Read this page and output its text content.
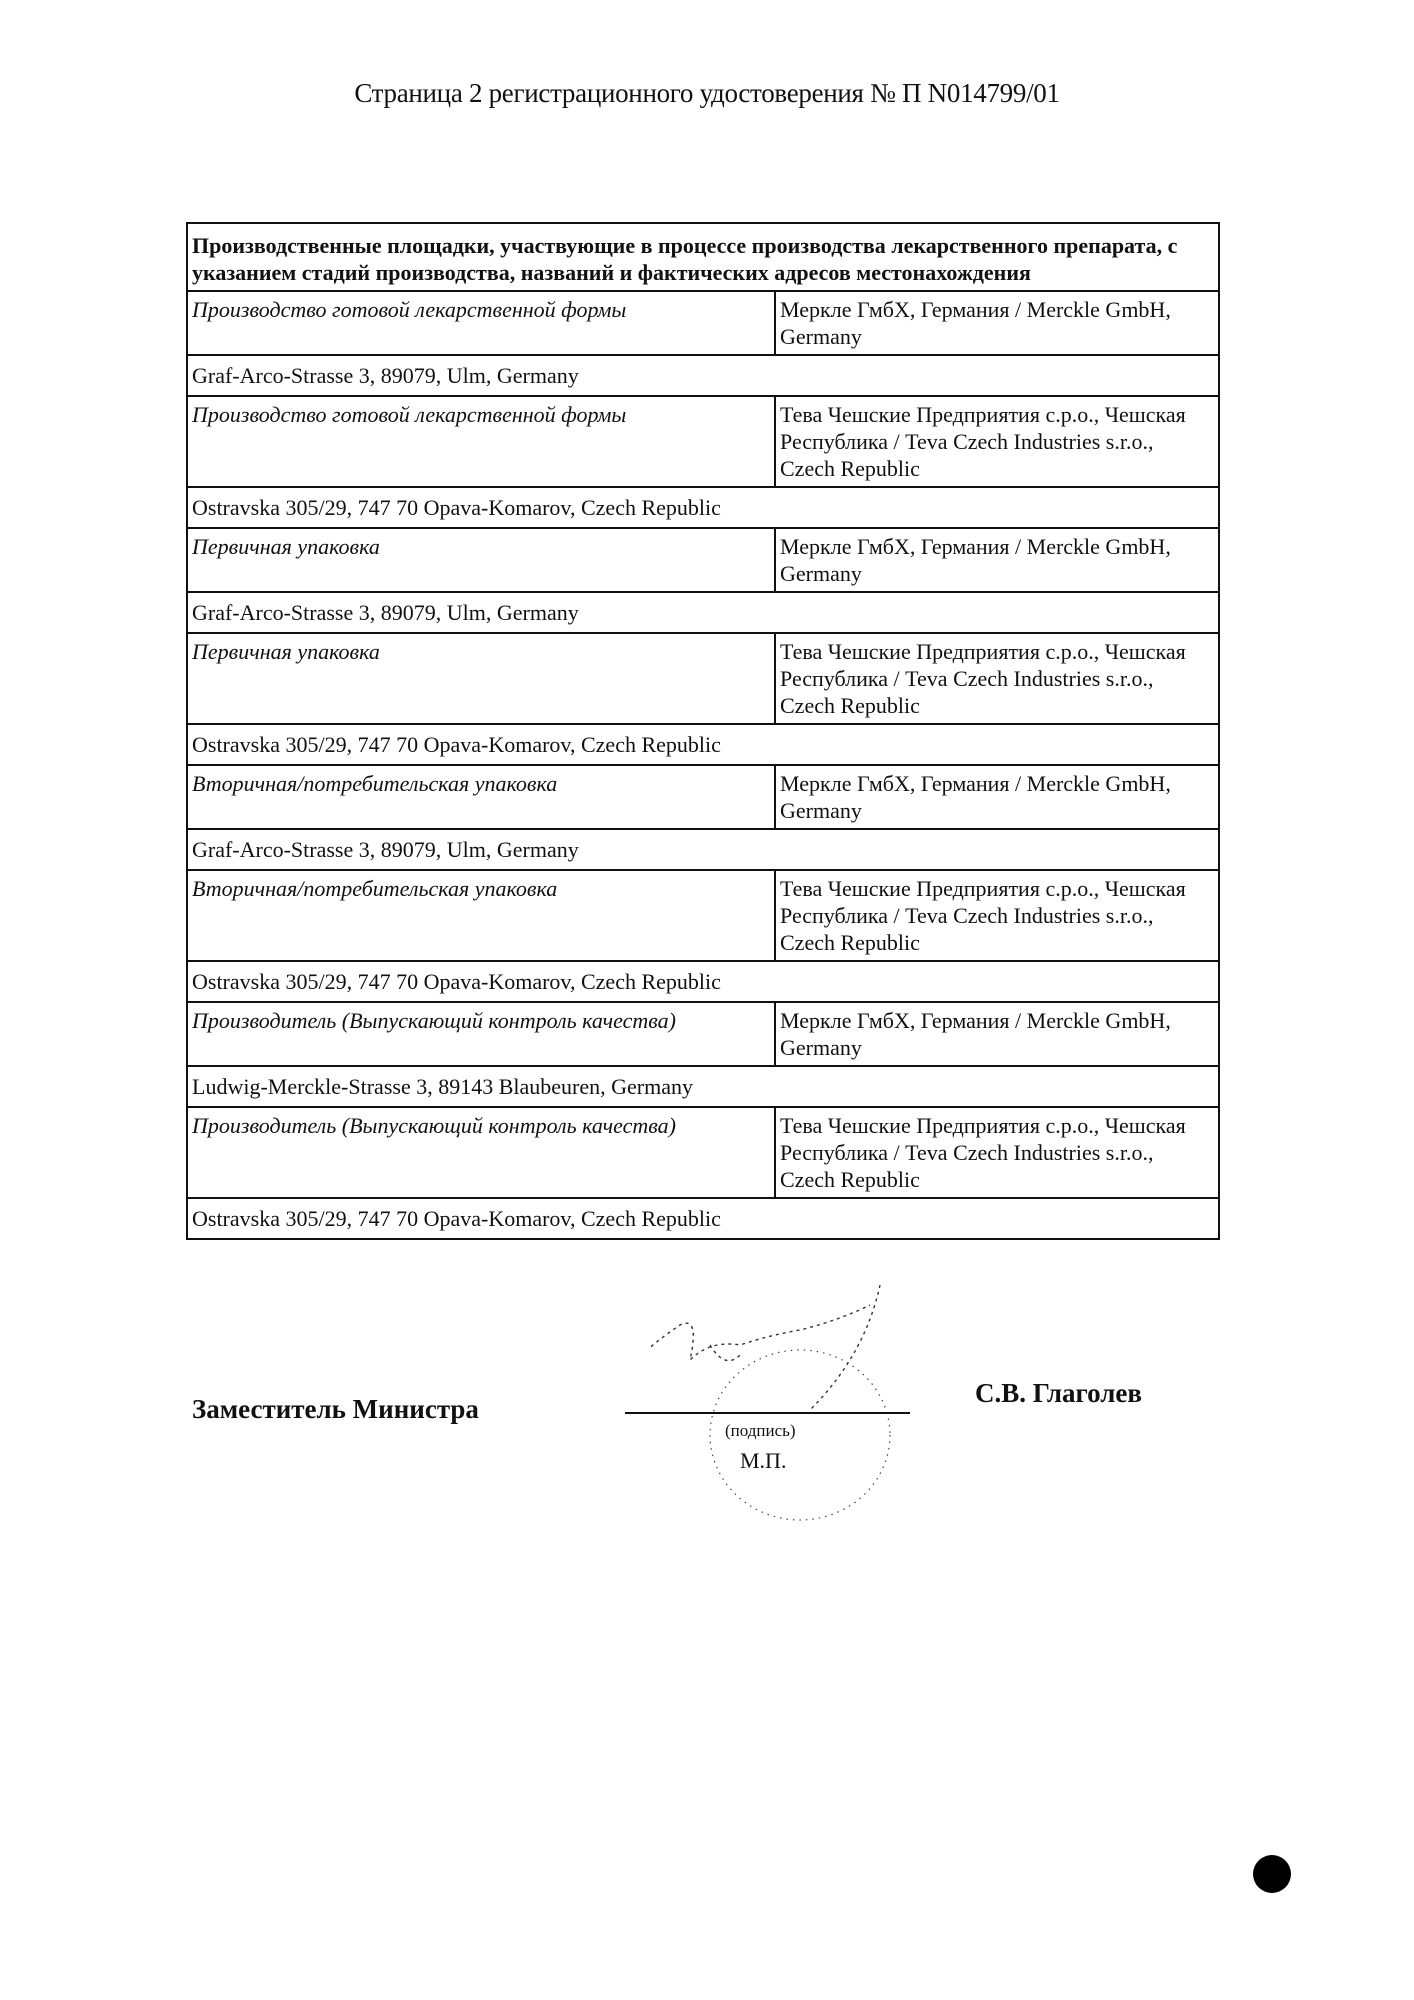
Страница 2 регистрационного удостоверения № П N014799/01
Производственные площадки, участвующие в процессе производства лекарственного препарата, с указанием стадий производства, названий и фактических адресов местонахождения	
Производство готовой лекарственной формы	Меркле ГмбХ, Германия / Merckle GmbH, Germany
Graf-Arco-Strasse 3, 89079, Ulm, Germany	
Производство готовой лекарственной формы	Тева Чешские Предприятия с.р.о., Чешская Республика / Teva Czech Industries s.r.o., Czech Republic
Ostravska 305/29, 747 70 Opava-Komarov, Czech Republic	
Первичная упаковка	Меркле ГмбХ, Германия / Merckle GmbH, Germany
Graf-Arco-Strasse 3, 89079, Ulm, Germany	
Первичная упаковка	Тева Чешские Предприятия с.р.о., Чешская Республика / Teva Czech Industries s.r.o., Czech Republic
Ostravska 305/29, 747 70 Opava-Komarov, Czech Republic	
Вторичная/потребительская упаковка	Меркле ГмбХ, Германия / Merckle GmbH, Germany
Graf-Arco-Strasse 3, 89079, Ulm, Germany	
Вторичная/потребительская упаковка	Тева Чешские Предприятия с.р.о., Чешская Республика / Teva Czech Industries s.r.o., Czech Republic
Ostravska 305/29, 747 70 Opava-Komarov, Czech Republic	
Производитель (Выпускающий контроль качества)	Меркле ГмбХ, Германия / Merckle GmbH, Germany
Ludwig-Merckle-Strasse 3, 89143 Blaubeuren, Germany	
Производитель (Выпускающий контроль качества)	Тева Чешские Предприятия с.р.о., Чешская Республика / Teva Czech Industries s.r.o., Czech Republic
Ostravska 305/29, 747 70 Opava-Komarov, Czech Republic	
Заместитель Министра
(подпись)
М.П.
С.В. Глаголев
